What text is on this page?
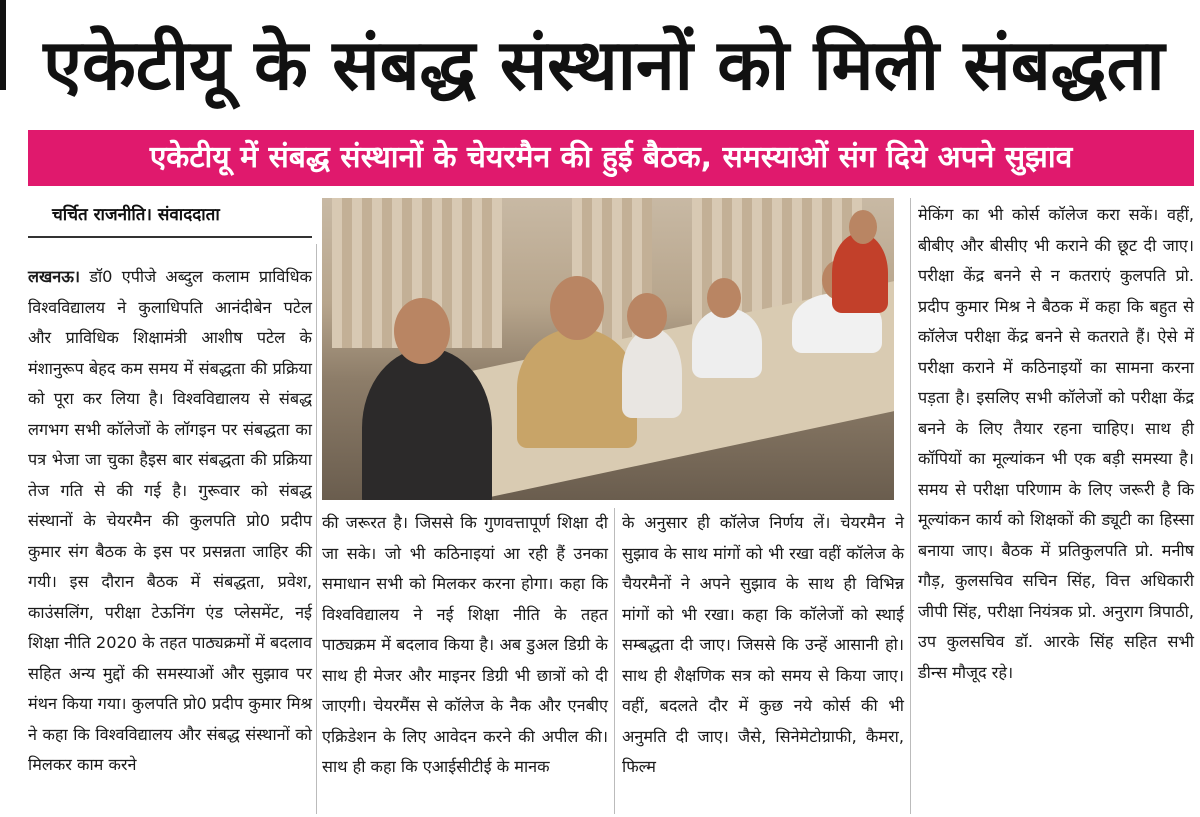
एकेटीयू के संबद्ध संस्थानों को मिली संबद्धता
एकेटीयू में संबद्ध संस्थानों के चेयरमैन की हुई बैठक, समस्याओं संग दिये अपने सुझाव
चर्चित राजनीति। संवाददाता

लखनऊ। डॉ0 एपीजे अब्दुल कलाम प्राविधिक विश्वविद्यालय ने कुलाधिपति आनंदीबेन पटेल और प्राविधिक शिक्षामंत्री आशीष पटेल के मंशानुरूप बेहद कम समय में संबद्धता की प्रक्रिया को पूरा कर लिया है। विश्वविद्यालय से संबद्ध लगभग सभी कॉलेजों के लॉगइन पर संबद्धता का पत्र भेजा जा चुका हैइस बार संबद्धता की प्रक्रिया तेज गति से की गई है। गुरूवार को संबद्ध संस्थानों के चेयरमैन की कुलपति प्रो0 प्रदीप कुमार संग बैठक के इस पर प्रसन्नता जाहिर की गयी। इस दौरान बैठक में संबद्धता, प्रवेश, काउंसलिंग, परीक्षा टेऊनिंग एंड प्लेसमेंट, नई शिक्षा नीति 2020 के तहत पाठ्यक्रमों में बदलाव सहित अन्य मुद्दों की समस्याओं और सुझाव पर मंथन किया गया। कुलपति प्रो0 प्रदीप कुमार मिश्र ने कहा कि विश्वविद्यालय और संबद्ध संस्थानों को मिलकर काम करने

की जरूरत है। जिससे कि गुणवत्तापूर्ण शिक्षा दी जा सके। जो भी कठिनाइयां आ रही हैं उनका समाधान सभी को मिलकर करना होगा। कहा कि विश्वविद्यालय ने नई शिक्षा नीति के तहत पाठ्यक्रम में बदलाव किया है। अब डुअल डिग्री के साथ ही मेजर और माइनर डिग्री भी छात्रों को दी जाएगी। चेयरमैंस से कॉलेज के नैक और एनबीए एक्रिडेशन के लिए आवेदन करने की अपील की। साथ ही कहा कि एआईसीटीई के मानक

के अनुसार ही कॉलेज निर्णय लें। चेयरमैन ने सुझाव के साथ मांगों को भी रखा वहीं कॉलेज के चैयरमैनों ने अपने सुझाव के साथ ही विभिन्न मांगों को भी रखा। कहा कि कॉलेजों को स्थाई सम्बद्धता दी जाए। जिससे कि उन्हें आसानी हो। साथ ही शैक्षणिक सत्र को समय से किया जाए। वहीं, बदलते दौर में कुछ नये कोर्स की भी अनुमति दी जाए। जैसे, सिनेमेटोग्राफी, कैमरा, फिल्म

मेकिंग का भी कोर्स कॉलेज करा सकें। वहीं, बीबीए और बीसीए भी कराने की छूट दी जाए। परीक्षा केंद्र बनने से न कतराएं कुलपति प्रो. प्रदीप कुमार मिश्र ने बैठक में कहा कि बहुत से कॉलेज परीक्षा केंद्र बनने से कतराते हैं। ऐसे में परीक्षा कराने में कठिनाइयों का सामना करना पड़ता है। इसलिए सभी कॉलेजों को परीक्षा केंद्र बनने के लिए तैयार रहना चाहिए। साथ ही कॉपियों का मूल्यांकन भी एक बड़ी समस्या है। समय से परीक्षा परिणाम के लिए जरूरी है कि मूल्यांकन कार्य को शिक्षकों की ड्यूटी का हिस्सा बनाया जाए। बैठक में प्रतिकुलपति प्रो. मनीष गौड़, कुलसचिव सचिन सिंह, वित्त अधिकारी जीपी सिंह, परीक्षा नियंत्रक प्रो. अनुराग त्रिपाठी, उप कुलसचिव डॉ. आरके सिंह सहित सभी डीन्स मौजूद रहे।
